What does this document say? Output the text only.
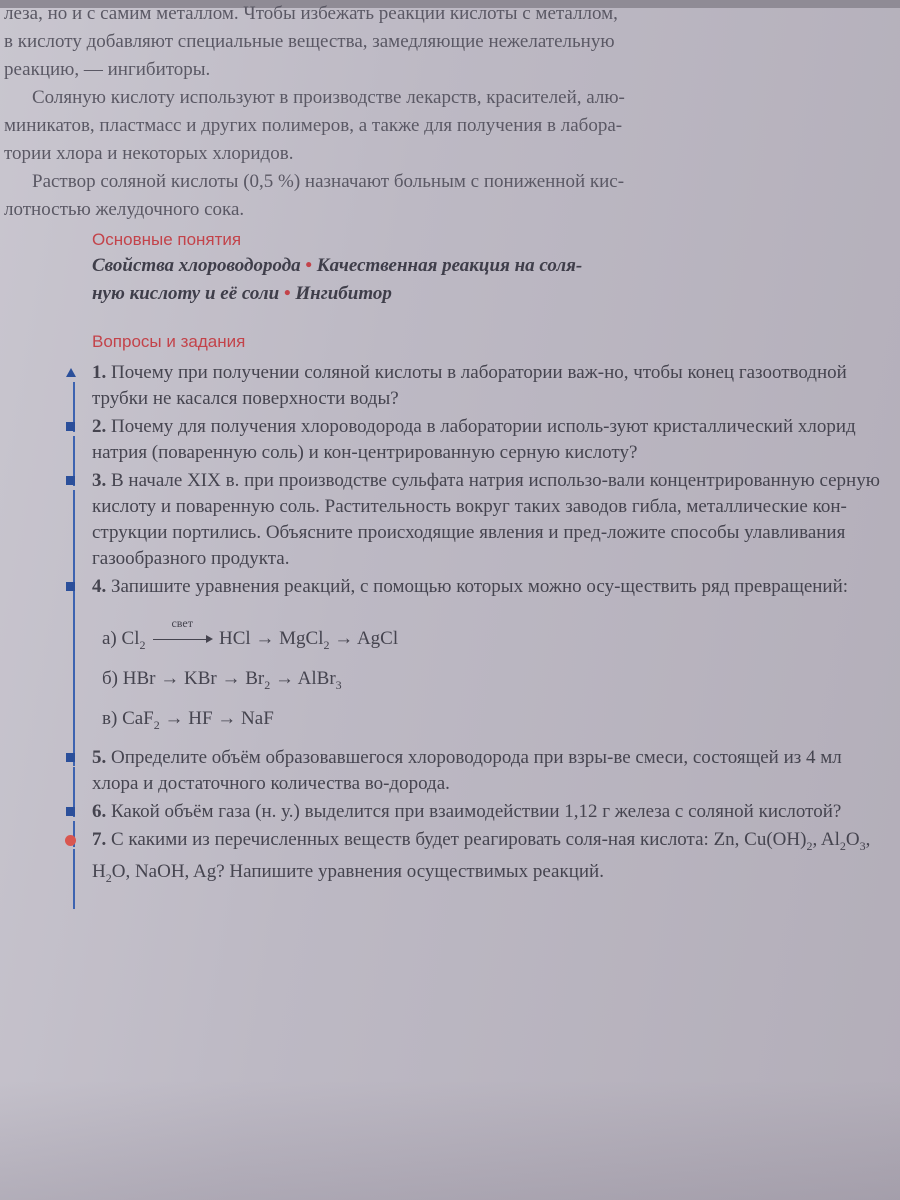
леза, но и с самим металлом. Чтобы избежать реакции кислоты с металлом,

в кислоту добавляют специальные вещества, замедляющие нежелательную

реакцию, — ингибиторы.

Соляную кислоту используют в производстве лекарств, красителей, алю-

миникатов, пластмасс и других полимеров, а также для получения в лабора-

тории хлора и некоторых хлоридов.

Раствор соляной кислоты (0,5 %) назначают больным с пониженной кис-

лотностью желудочного сока.

Основные понятия
Свойства хлороводорода • Качественная реакция на соля-
ную кислоту и её соли • Ингибитор
Вопросы и задания
1. Почему при получении соляной кислоты в лаборатории важ-но, чтобы конец газоотводной трубки не касался поверхности воды?
2. Почему для получения хлороводорода в лаборатории исполь-зуют кристаллический хлорид натрия (поваренную соль) и кон-центрированную серную кислоту?
3. В начале XIX в. при производстве сульфата натрия использо-вали концентрированную серную кислоту и поваренную соль. Растительность вокруг таких заводов гибла, металлические кон-струкции портились. Объясните происходящие явления и пред-ложите способы улавливания газообразного продукта.
4. Запишите уравнения реакций, с помощью которых можно осу-ществить ряд превращений:
а) $Cl_2$
свет
HCl → MgCl$_2$ → AgCl
б) HBr → KBr → $Br_2$ → AlBr$_3$
в) CaF$_2$ → HF → NaF
5. Определите объём образовавшегося хлороводорода при взры-ве смеси, состоящей из 4 мл хлора и достаточного количества во-дорода.
6. Какой объём газа (н. у.) выделится при взаимодействии 1,12 г железа с соляной кислотой?
7. С какими из перечисленных веществ будет реагировать соля-ная кислота: Zn, $Cu(OH)_2$, $Al_2O_3$, $H_2O$, NaOH, Ag? Напишите уравнения осуществимых реакций.
